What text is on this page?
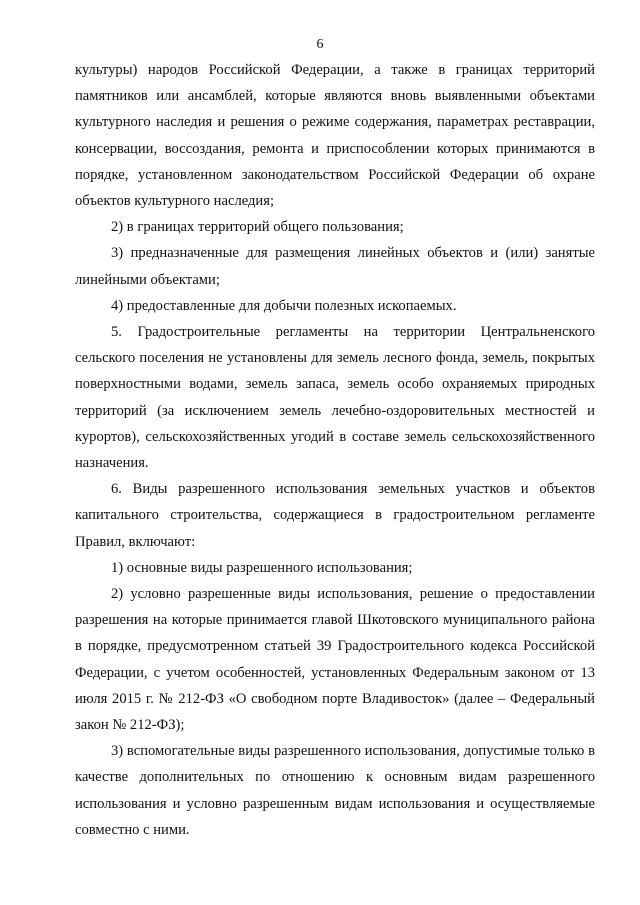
6

культуры) народов Российской Федерации, а также в границах территорий памятников или ансамблей, которые являются вновь выявленными объектами культурного наследия и решения о режиме содержания, параметрах реставрации, консервации, воссоздания, ремонта и приспособлении которых принимаются в порядке, установленном законодательством Российской Федерации об охране объектов культурного наследия;

2) в границах территорий общего пользования;

3) предназначенные для размещения линейных объектов и (или) занятые линейными объектами;

4) предоставленные для добычи полезных ископаемых.

5. Градостроительные регламенты на территории Центральненского сельского поселения не установлены для земель лесного фонда, земель, покрытых поверхностными водами, земель запаса, земель особо охраняемых природных территорий (за исключением земель лечебно-оздоровительных местностей и курортов), сельскохозяйственных угодий в составе земель сельскохозяйственного назначения.

6. Виды разрешенного использования земельных участков и объектов капитального строительства, содержащиеся в градостроительном регламенте Правил, включают:

1) основные виды разрешенного использования;

2) условно разрешенные виды использования, решение о предоставлении разрешения на которые принимается главой Шкотовского муниципального района в порядке, предусмотренном статьей 39 Градостроительного кодекса Российской Федерации, с учетом особенностей, установленных Федеральным законом от 13 июля 2015 г. № 212-ФЗ «О свободном порте Владивосток» (далее – Федеральный закон № 212-ФЗ);

3) вспомогательные виды разрешенного использования, допустимые только в качестве дополнительных по отношению к основным видам разрешенного использования и условно разрешенным видам использования и осуществляемые совместно с ними.
